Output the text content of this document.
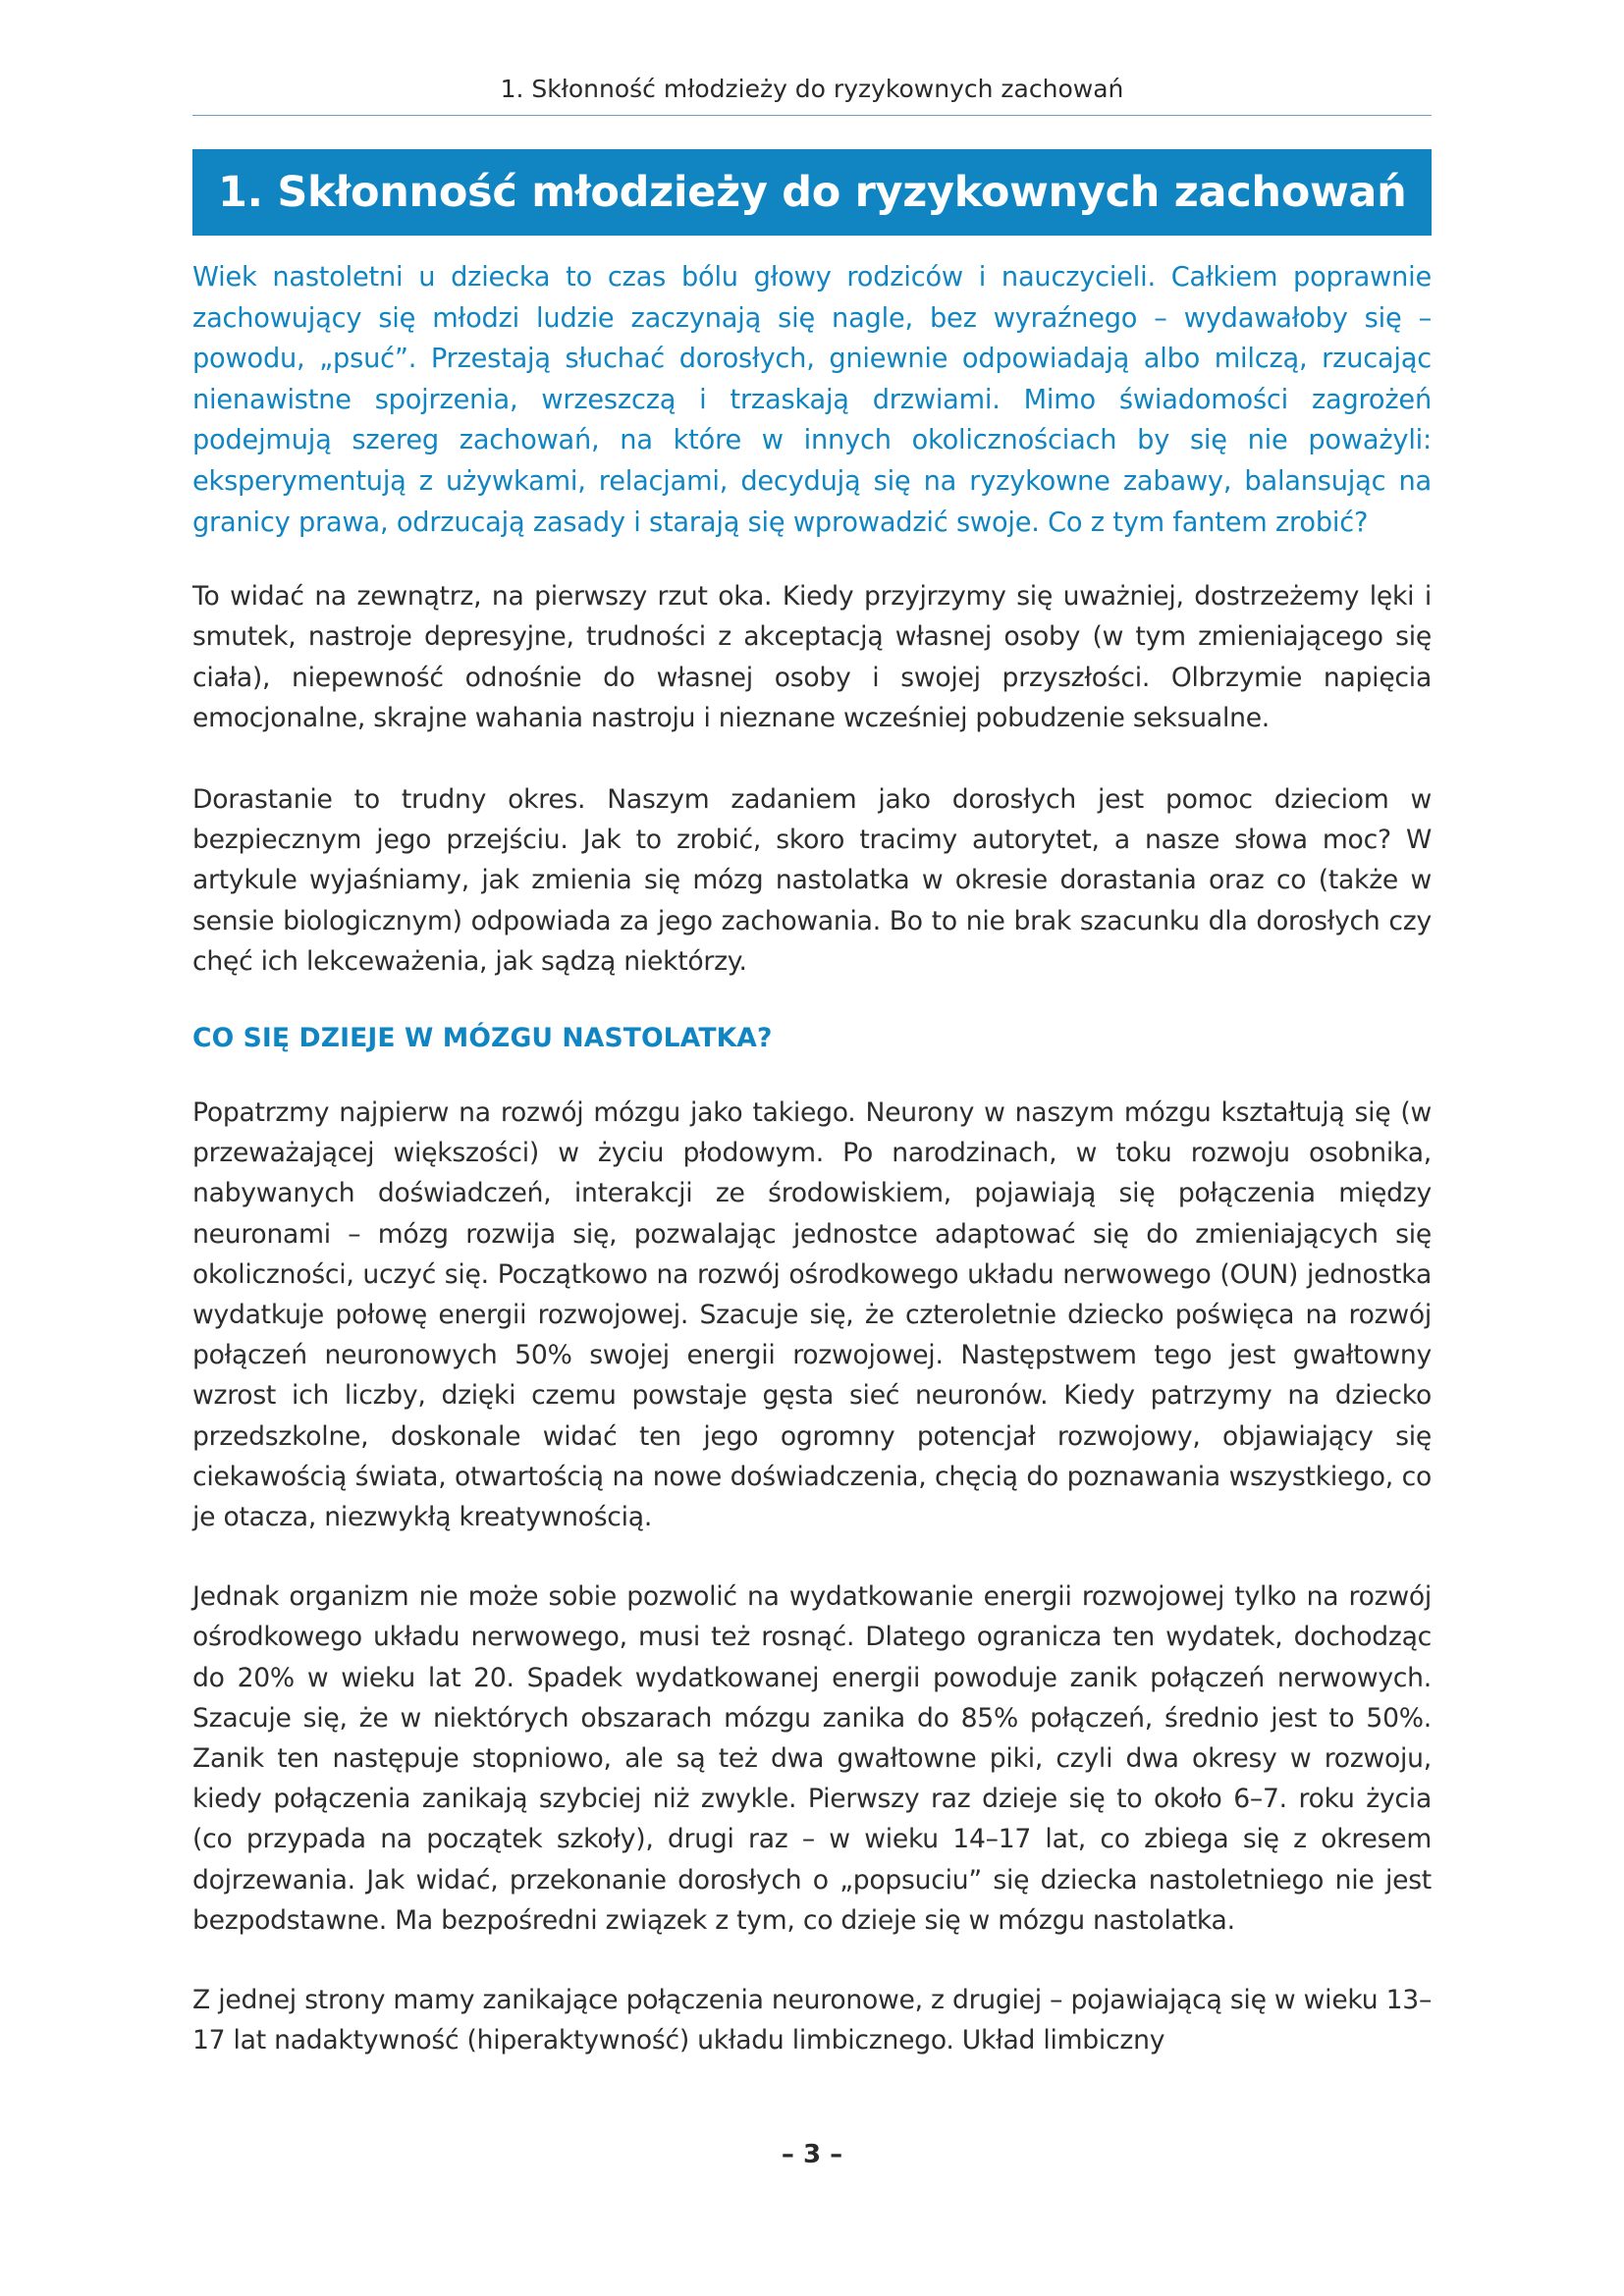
1. Skłonność młodzieży do ryzykownych zachowań
1. Skłonność młodzieży do ryzykownych zachowań

Wiek nastoletni u dziecka to czas bólu głowy rodziców i nauczycieli. Całkiem poprawnie zachowujący się młodzi ludzie zaczynają się nagle, bez wyraźnego – wydawałoby się – powodu, „psuć”. Przestają słuchać dorosłych, gniewnie odpowiadają albo milczą, rzucając nienawistne spojrzenia, wrzeszczą i trzaskają drzwiami. Mimo świadomości zagrożeń podejmują szereg zachowań, na które w innych okolicznościach by się nie poważyli: eksperymentują z używkami, relacjami, decydują się na ryzykowne zabawy, balansując na granicy prawa, odrzucają zasady i starają się wprowadzić swoje. Co z tym fantem zrobić?

To widać na zewnątrz, na pierwszy rzut oka. Kiedy przyjrzymy się uważniej, dostrzeżemy lęki i smutek, nastroje depresyjne, trudności z akceptacją własnej osoby (w tym zmieniającego się ciała), niepewność odnośnie do własnej osoby i swojej przyszłości. Olbrzymie napięcia emocjonalne, skrajne wahania nastroju i nieznane wcześniej pobudzenie seksualne.

Dorastanie to trudny okres. Naszym zadaniem jako dorosłych jest pomoc dzieciom w bezpiecznym jego przejściu. Jak to zrobić, skoro tracimy autorytet, a nasze słowa moc? W artykule wyjaśniamy, jak zmienia się mózg nastolatka w okresie dorastania oraz co (także w sensie biologicznym) odpowiada za jego zachowania. Bo to nie brak szacunku dla dorosłych czy chęć ich lekceważenia, jak sądzą niektórzy.

CO SIĘ DZIEJE W MÓZGU NASTOLATKA?

Popatrzmy najpierw na rozwój mózgu jako takiego. Neurony w naszym mózgu kształtują się (w przeważającej większości) w życiu płodowym. Po narodzinach, w toku rozwoju osobnika, nabywanych doświadczeń, interakcji ze środowiskiem, pojawiają się połączenia między neuronami – mózg rozwija się, pozwalając jednostce adaptować się do zmieniających się okoliczności, uczyć się. Początkowo na rozwój ośrodkowego układu nerwowego (OUN) jednostka wydatkuje połowę energii rozwojowej. Szacuje się, że czteroletnie dziecko poświęca na rozwój połączeń neuronowych 50% swojej energii rozwojowej. Następstwem tego jest gwałtowny wzrost ich liczby, dzięki czemu powstaje gęsta sieć neuronów. Kiedy patrzymy na dziecko przedszkolne, doskonale widać ten jego ogromny potencjał rozwojowy, objawiający się ciekawością świata, otwartością na nowe doświadczenia, chęcią do poznawania wszystkiego, co je otacza, niezwykłą kreatywnością.

Jednak organizm nie może sobie pozwolić na wydatkowanie energii rozwojowej tylko na rozwój ośrodkowego układu nerwowego, musi też rosnąć. Dlatego ogranicza ten wydatek, dochodząc do 20% w wieku lat 20. Spadek wydatkowanej energii powoduje zanik połączeń nerwowych. Szacuje się, że w niektórych obszarach mózgu zanika do 85% połączeń, średnio jest to 50%. Zanik ten następuje stopniowo, ale są też dwa gwałtowne piki, czyli dwa okresy w rozwoju, kiedy połączenia zanikają szybciej niż zwykle. Pierwszy raz dzieje się to około 6–7. roku życia (co przypada na początek szkoły), drugi raz – w wieku 14–17 lat, co zbiega się z okresem dojrzewania. Jak widać, przekonanie dorosłych o „popsuciu” się dziecka nastoletniego nie jest bezpodstawne. Ma bezpośredni związek z tym, co dzieje się w mózgu nastolatka.

Z jednej strony mamy zanikające połączenia neuronowe, z drugiej – pojawiającą się w wieku 13–17 lat nadaktywność (hiperaktywność) układu limbicznego. Układ limbiczny

– 3 –
